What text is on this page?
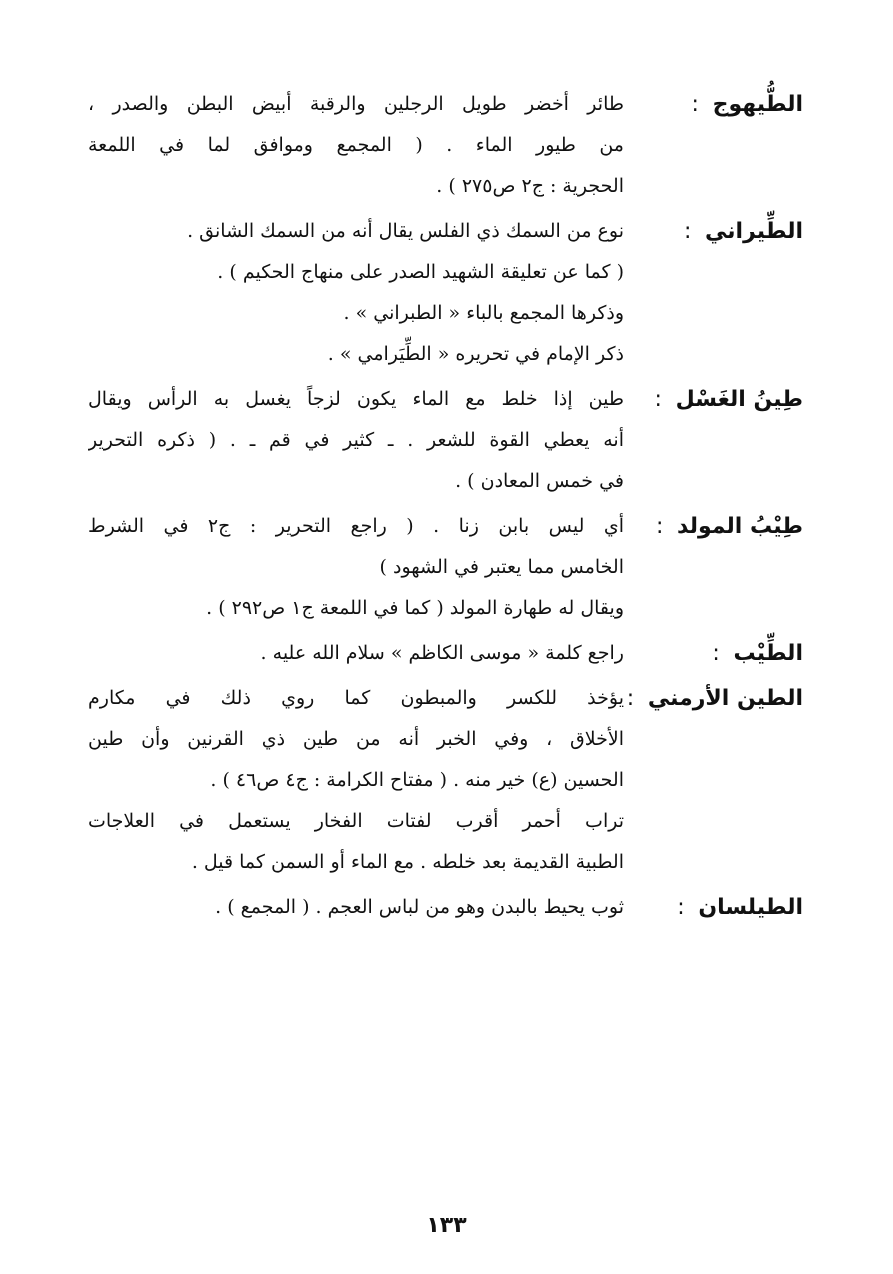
الطُّيهوج :
طائر أخضر طويل الرجلين والرقبة أبيض البطن والصدر ،
من طيور الماء . ( المجمع وموافق لما في اللمعة
الحجرية : ج٢ ص٢٧٥ ) .
الطِّيراني :
نوع من السمك ذي الفلس يقال أنه من السمك الشانق .
( كما عن تعليقة الشهيد الصدر على منهاج الحكيم ) .
وذكرها المجمع بالباء « الطبراني » .
ذكر الإمام في تحريره « الطِّيَرامي » .
طِينُ الغَسْل :
طين إذا خلط مع الماء يكون لزجاً يغسل به الرأس ويقال
أنه يعطي القوة للشعر . ـ كثير في قم ـ . ( ذكره التحرير
في خمس المعادن ) .
طِيْبُ المولد :
أي ليس بابن زنا . ( راجع التحرير : ج٢ في الشرط
الخامس مما يعتبر في الشهود )
ويقال له طهارة المولد ( كما في اللمعة ج١ ص٢٩٢ ) .
الطِّيْب :
راجع كلمة « موسى الكاظم » سلام الله عليه .
الطين الأرمني :
يؤخذ للكسر والمبطون كما روي ذلك في مكارم
الأخلاق ، وفي الخبر أنه من طين ذي القرنين وأن طين
الحسين (ع) خير منه . ( مفتاح الكرامة : ج٤ ص٤٦ ) .
تراب أحمر أقرب لفتات الفخار يستعمل في العلاجات
الطبية القديمة بعد خلطه . مع الماء أو السمن كما قيل .
الطيلسان :
ثوب يحيط بالبدن وهو من لباس العجم . ( المجمع ) .
١٣٣
